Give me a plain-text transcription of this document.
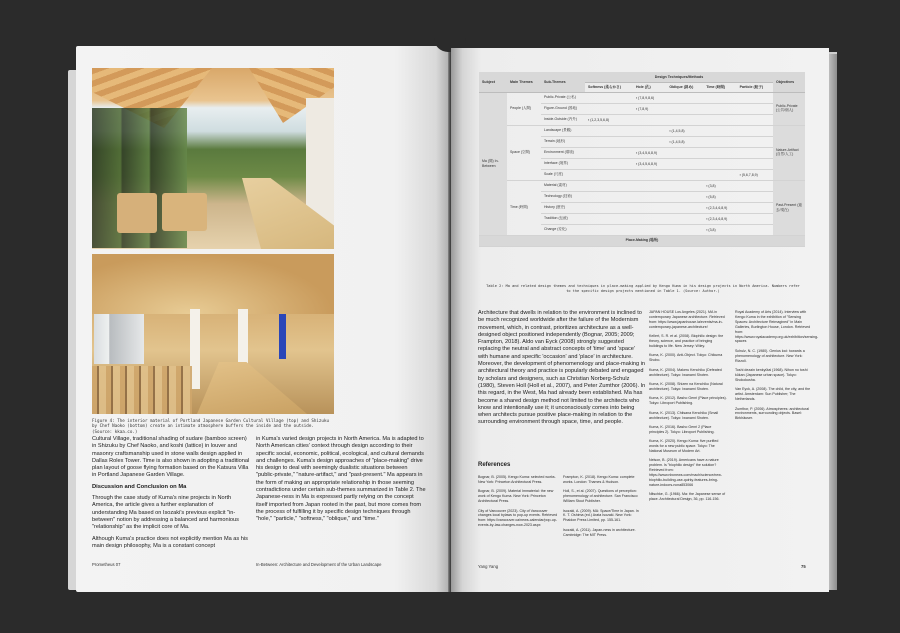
Figure 4: The interior material of Portland Japanese Garden Cultural Village (top) and Shizuku by Chef Naoko (bottom) create an intimate atmosphere buffers the inside and the outside. (Source: kkaa.co.)

Cultural Village, traditional shading of sudare (bamboo screen) in Shizuku by Chef Naoko, and koshi (lattice) in louver and masonry craftsmanship used in stone walls design applied in Dallas Rolex Tower. Time is also shown in adopting a traditional plan layout of goose flying formation based on the Katsura Villa in Portland Japanese Garden Village.

Discussion and Conclusion on Ma

Through the case study of Kuma's nine projects in North America, the article gives a further explanation of understanding Ma based on Isozaki's previous explicit "in-between" notion by addressing a balanced and harmonious "relationship" as the implicit core of Ma.

Although Kuma's practice does not explicitly mention Ma as his main design philosophy, Ma is a constant concept

in Kuma's varied design projects in North America. Ma is adapted to North American cities' context through design according to their specific social, economic, political, ecological, and cultural demands and challenges. Kuma's design approaches of "place-making" drive his design to deal with seemingly dualistic situations between "public-private," "nature-artifact," and "past-present." Ma appears in the form of making an appropriate relationship in those seeming contradictions under certain sub-themes summarized in Table 2. The Japanese-ness in Ma is expressed partly relying on the concept itself imported from Japan rooted in the past, but more comes from the process of fulfilling it by specific design techniques through "hole," "particle," "softness," "oblique," and "time."

Prometheus 07	In-Between: Architecture and Development of the Urban Landscape
Subject	Main Themes	Sub-Themes	Design Techniques/Methods					Objectives
			Softness (柔らかさ)	Hole (孔)	Oblique (斜め)	Time (時間)	Particle (粒子)	
Ma (間) In-Between	People (人間)	Public-Private (公私)		▪ (7,8,9,8,6)				Public-Private (公共/個人)
		Figure-Ground (図地)		▪ (7,8,9)			
		Inside-Outside (内外)	▪ (1,2,3,5,6,8)				
	Space (空間)	Landscape (景観)			▪ (1,4,5,8)			Nature-Artifact (自然/人工)
		Terrain (地形)			▪ (1,4,5,8)		
		Environment (環境)		▪ (3,4,5,6,8,9)			
		Interface (境界)		▪ (3,4,5,6,8,9)			
		Scale (尺度)					▪ (5,6,7,8,9)
	Time (時間)	Material (素材)				▪ (3,8)		Past-Present (過去/現在)
		Technology (技術)				▪ (5,8)	
		History (歴史)				▪ (2,3,4,6,8,9)	
		Tradition (伝統)				▪ (2,3,4,6,8,9)	
		Change (変化)				▪ (3,8)	
Place-Making (場所)								
Table 2: Ma and related design themes and techniques in place-making applied by Kengo Kuma in his design projects in North America. Numbers refer to the specific design projects mentioned in Table 1. (Source: Author.)

Architecture that dwells in relation to the environment is inclined to be much recognized worldwide after the failure of the Modernism movement, which, in contrast, prioritizes architecture as a well-designed object positioned independently (Bognar, 2005; 2009; Frampton, 2018). Aldo van Eyck (2008) strongly suggested replacing the neutral and abstract concepts of 'time' and 'space' with humane and specific 'occasion' and 'place' in architecture. Moreover, the development of phenomenology and place-making in architectural theory and practice is popularly debated and engaged by scholars and designers, such as Christian Norberg-Schulz (1980), Steven Holl (Holl et al., 2007), and Peter Zumthor (2006). In this regard, in the West, Ma had already been established. Ma has become a shared design method not limited to the architects who know and intentionally use it; it unconsciously comes into being when architects pursue positive place-making in relation to the surrounding environment through space, time, and people.

References

Bognar, B. (2005). Kengo Kuma: selected works. New York: Princeton Architectural Press.

Bognar, B. (2009). Material Immaterial: the new work of Kengo Kuma. New York: Princeton Architectural Press.

City of Vancouver (2023). City of Vancouver changes local bylaws to pop-up events. Retrieved from: https://vancouver.ca/news-calendar/pop-up-events-by-law-changes-now-2023.aspx

Frampton, K. (2018). Kengo Kuma: complete works. London: Thames & Hudson.

Holl, S., et al. (2007). Questions of perception: phenomenology of architecture. San Francisco: William Stout Publisher.

Isozaki, A. (2009). MA: Space/Time in Japan. In K. T. Oshima (ed.) Arata Isozaki. New York: Phaidon Press Limited, pp. 155-161.

Isozaki, A. (2011). Japan-ness in architecture. Cambridge: The MIT Press.

JAPAN HOUSE Los Angeles (2021). MA in contemporary Japanese architecture. Retrieved from: https://www.japanhouse.la/events/ma-in-contemporary-japanese-architecture/

Kellert, S. R. et al. (2008). Biophilic design: the theory, science, and practice of bringing buildings to life. New Jersey: Wiley.

Kuma, K. (2000). Anti-Object. Tokyo: Chikuma Shobo.

Kuma, K. (2004). Makeru Kenchiku (Defeated architecture). Tokyo: Iwanami Shoten.

Kuma, K. (2008). Shizen na Kenchiku (Natural architecture). Tokyo: Iwanami Shoten.

Kuma, K. (2012). Basho Genri (Place principles). Tokyo: Libroport Publishing.

Kuma, K. (2013). Chiisana Kenchiku (Small architecture). Tokyo: Iwanami Shoten.

Kuma, K. (2016). Basho Genri 2 (Place principles 2). Tokyo: Libroport Publishing.

Kuma, K. (2020). Kengo Kuma: five purified words for a new public space. Tokyo: The National Museum of Modern Art.

Nelson, B. (2019). Americans have a nature problem. Is "biophilic design" the solution? Retrieved from: https://www.nbcnews.com/mach/science/new-biophilic-building-use-quirky-features-bring-nature-indoors-ncna853066

Nitschke, G. (1966). Ma: the Japanese sense of place. Architectural Design, 36, pp. 116-156.

Royal Academy of Arts (2014). Interview with Kengo Kuma in the exhibition of "Sensing Spaces: Architecture Reimagined" in Main Galleries, Burlington House, London. Retrieved from: https://www.royalacademy.org.uk/exhibition/sensing-spaces

Schulz, N. C. (1980). Genius loci: towards a phenomenology of architecture. New York: Rizzoli.

Toshi dezain kenkyūtai (1968). Nihon no toshi kūkan (Japanese urban space). Tokyo: Shokokusha.

Van Eyck, A. (2008). The child, the city, and the artist. Amsterdam: Sun Publisher; The Netherlands.

Zumthor, P. (2006). Atmospheres: architectural environments, surrounding objects. Basel: Birkhäuser.

Yang Yang	75
